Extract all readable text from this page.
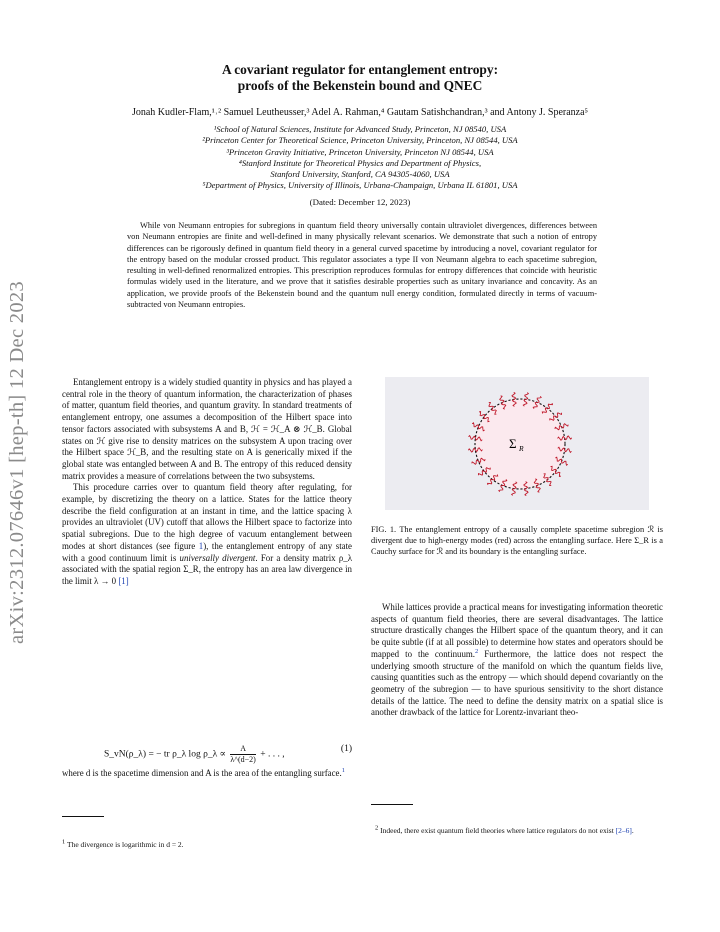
A covariant regulator for entanglement entropy:
proofs of the Bekenstein bound and QNEC
Jonah Kudler-Flam,¹˒² Samuel Leutheusser,³ Adel A. Rahman,⁴ Gautam Satishchandran,³ and Antony J. Speranza⁵
¹School of Natural Sciences, Institute for Advanced Study, Princeton, NJ 08540, USA
²Princeton Center for Theoretical Science, Princeton University, Princeton, NJ 08544, USA
³Princeton Gravity Initiative, Princeton University, Princeton NJ 08544, USA
⁴Stanford Institute for Theoretical Physics and Department of Physics,
Stanford University, Stanford, CA 94305-4060, USA
⁵Department of Physics, University of Illinois, Urbana-Champaign, Urbana IL 61801, USA
(Dated: December 12, 2023)
While von Neumann entropies for subregions in quantum field theory universally contain ultraviolet divergences, differences between von Neumann entropies are finite and well-defined in many physically relevant scenarios. We demonstrate that such a notion of entropy differences can be rigorously defined in quantum field theory in a general curved spacetime by introducing a novel, covariant regulator for the entropy based on the modular crossed product. This regulator associates a type II von Neumann algebra to each spacetime subregion, resulting in well-defined renormalized entropies. This prescription reproduces formulas for entropy differences that coincide with heuristic formulas widely used in the literature, and we prove that it satisfies desirable properties such as unitary invariance and concavity. As an application, we provide proofs of the Bekenstein bound and the quantum null energy condition, formulated directly in terms of vacuum-subtracted von Neumann entropies.
arXiv:2312.07646v1 [hep-th] 12 Dec 2023	Entanglement entropy is a widely studied quantity in physics and has played a central role in the theory of quantum information, the characterization of phases of matter, quantum field theories, and quantum gravity. In standard treatments of entanglement entropy, one assumes a decomposition of the Hilbert space into tensor factors associated with subsystems A and B, ℋ = ℋ_A ⊗ ℋ_B. Global states on ℋ give rise to density matrices on the subsystem A upon tracing over the Hilbert space ℋ_B, and the resulting state on A is generically mixed if the global state was entangled between A and B. The entropy of this reduced density matrix provides a measure of correlations between the two subsystems.

This procedure carries over to quantum field theory after regulating, for example, by discretizing the theory on a lattice. States for the lattice theory describe the field configuration at an instant in time, and the lattice spacing λ provides an ultraviolet (UV) cutoff that allows the Hilbert space to factorize into spatial subregions. Due to the high degree of vacuum entanglement between modes at short distances (see figure 1), the entanglement entropy of any state with a good continuum limit is universally divergent. For a density matrix ρ_λ associated with the spatial region Σ_R, the entropy has an area law divergence in the limit λ → 0 [1]

S_vN(ρ_λ) = − tr ρ_λ log ρ_λ ∝ $\frac{A}{\lambda\^{}(d-2)}$ + . . . ,
(1)

where d is the spacetime dimension and A is the area of the entangling surface.$^1$

$^1$ The divergence is logarithmic in d = 2.
Σ R
FIG. 1. The entanglement entropy of a causally complete spacetime subregion ℛ is divergent due to high-energy modes (red) across the entangling surface. Here Σ_R is a Cauchy surface for ℛ and its boundary is the entangling surface.

While lattices provide a practical means for investigating information theoretic aspects of quantum field theories, there are several disadvantages. The lattice structure drastically changes the Hilbert space of the quantum theory, and it can be quite subtle (if at all possible) to determine how states and operators should be mapped to the continuum.$^2$ Furthermore, the lattice does not respect the underlying smooth structure of the manifold on which the quantum fields live, causing quantities such as the entropy — which should depend covariantly on the geometry of the subregion — to have spurious sensitivity to the short distance details of the lattice. The need to define the density matrix on a spatial slice is another drawback of the lattice for Lorentz-invariant theo-

$^2$ Indeed, there exist quantum field theories where lattice regulators do not exist [2–6].
